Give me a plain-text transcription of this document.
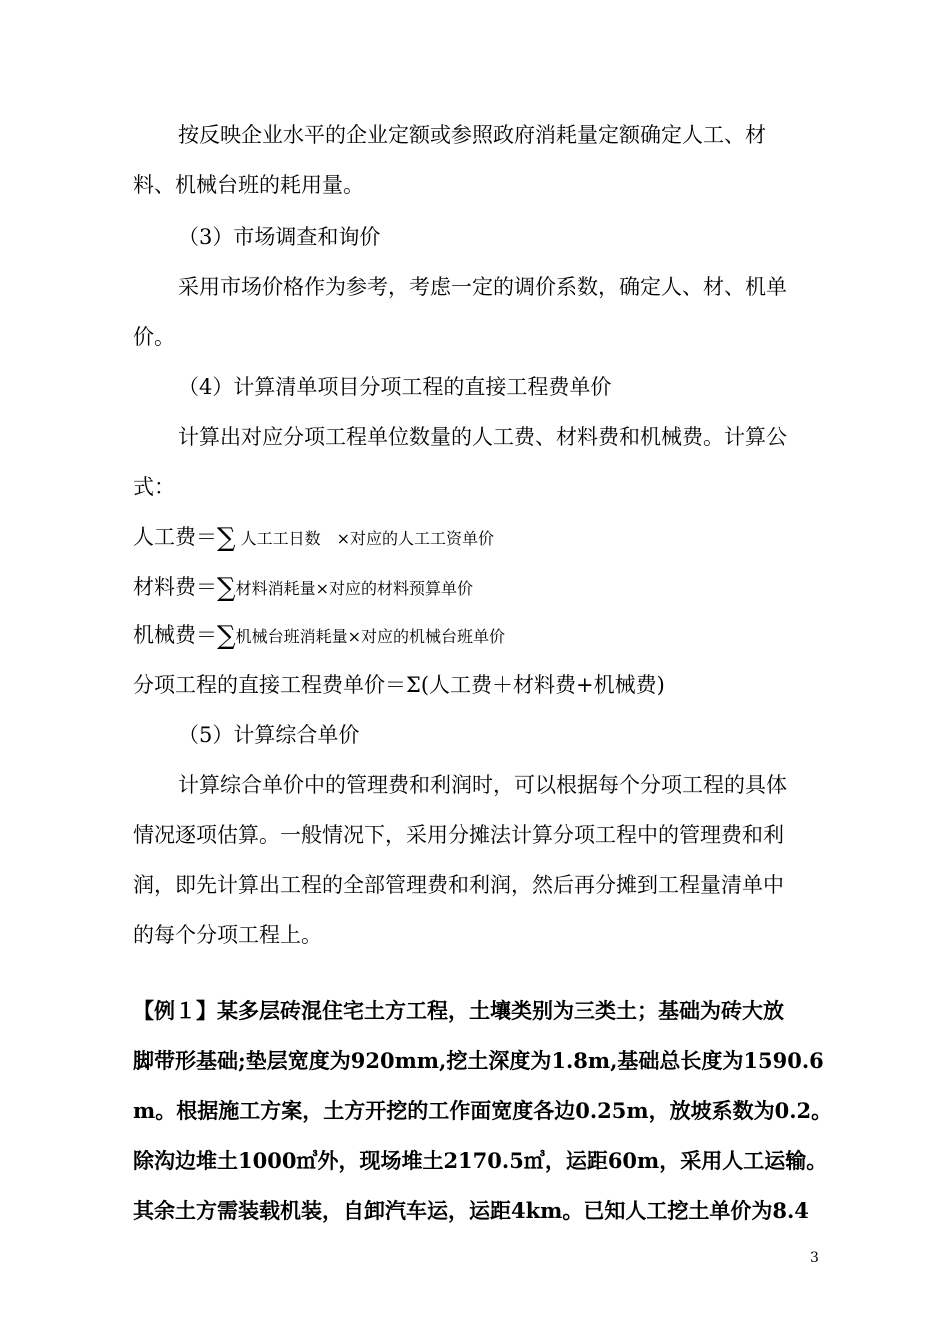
按反映企业水平的企业定额或参照政府消耗量定额确定人工、材
料、机械台班的耗用量。
（3）市场调查和询价
采用市场价格作为参考，考虑一定的调价系数，确定人、材、机单
价。
（4）计算清单项目分项工程的直接工程费单价
计算出对应分项工程单位数量的人工费、材料费和机械费。计算公
式：
人工费＝∑ 人工工日数　×对应的人工工资单价
材料费＝∑材料消耗量×对应的材料预算单价
机械费＝∑机械台班消耗量×对应的机械台班单价
分项工程的直接工程费单价＝Σ(人工费＋材料费+机械费)
（5）计算综合单价
计算综合单价中的管理费和利润时，可以根据每个分项工程的具体
情况逐项估算。一般情况下，采用分摊法计算分项工程中的管理费和利
润，即先计算出工程的全部管理费和利润，然后再分摊到工程量清单中
的每个分项工程上。
【例１】某多层砖混住宅土方工程，土壤类别为三类土；基础为砖大放
脚带形基础;垫层宽度为920mm,挖土深度为1.8m,基础总长度为1590.6
m。根据施工方案，土方开挖的工作面宽度各边0.25m，放坡系数为0.2。
除沟边堆土1000㎥外，现场堆土2170.5㎥，运距60m，采用人工运输。
其余土方需装载机装，自卸汽车运，运距4km。已知人工挖土单价为8.4
3
